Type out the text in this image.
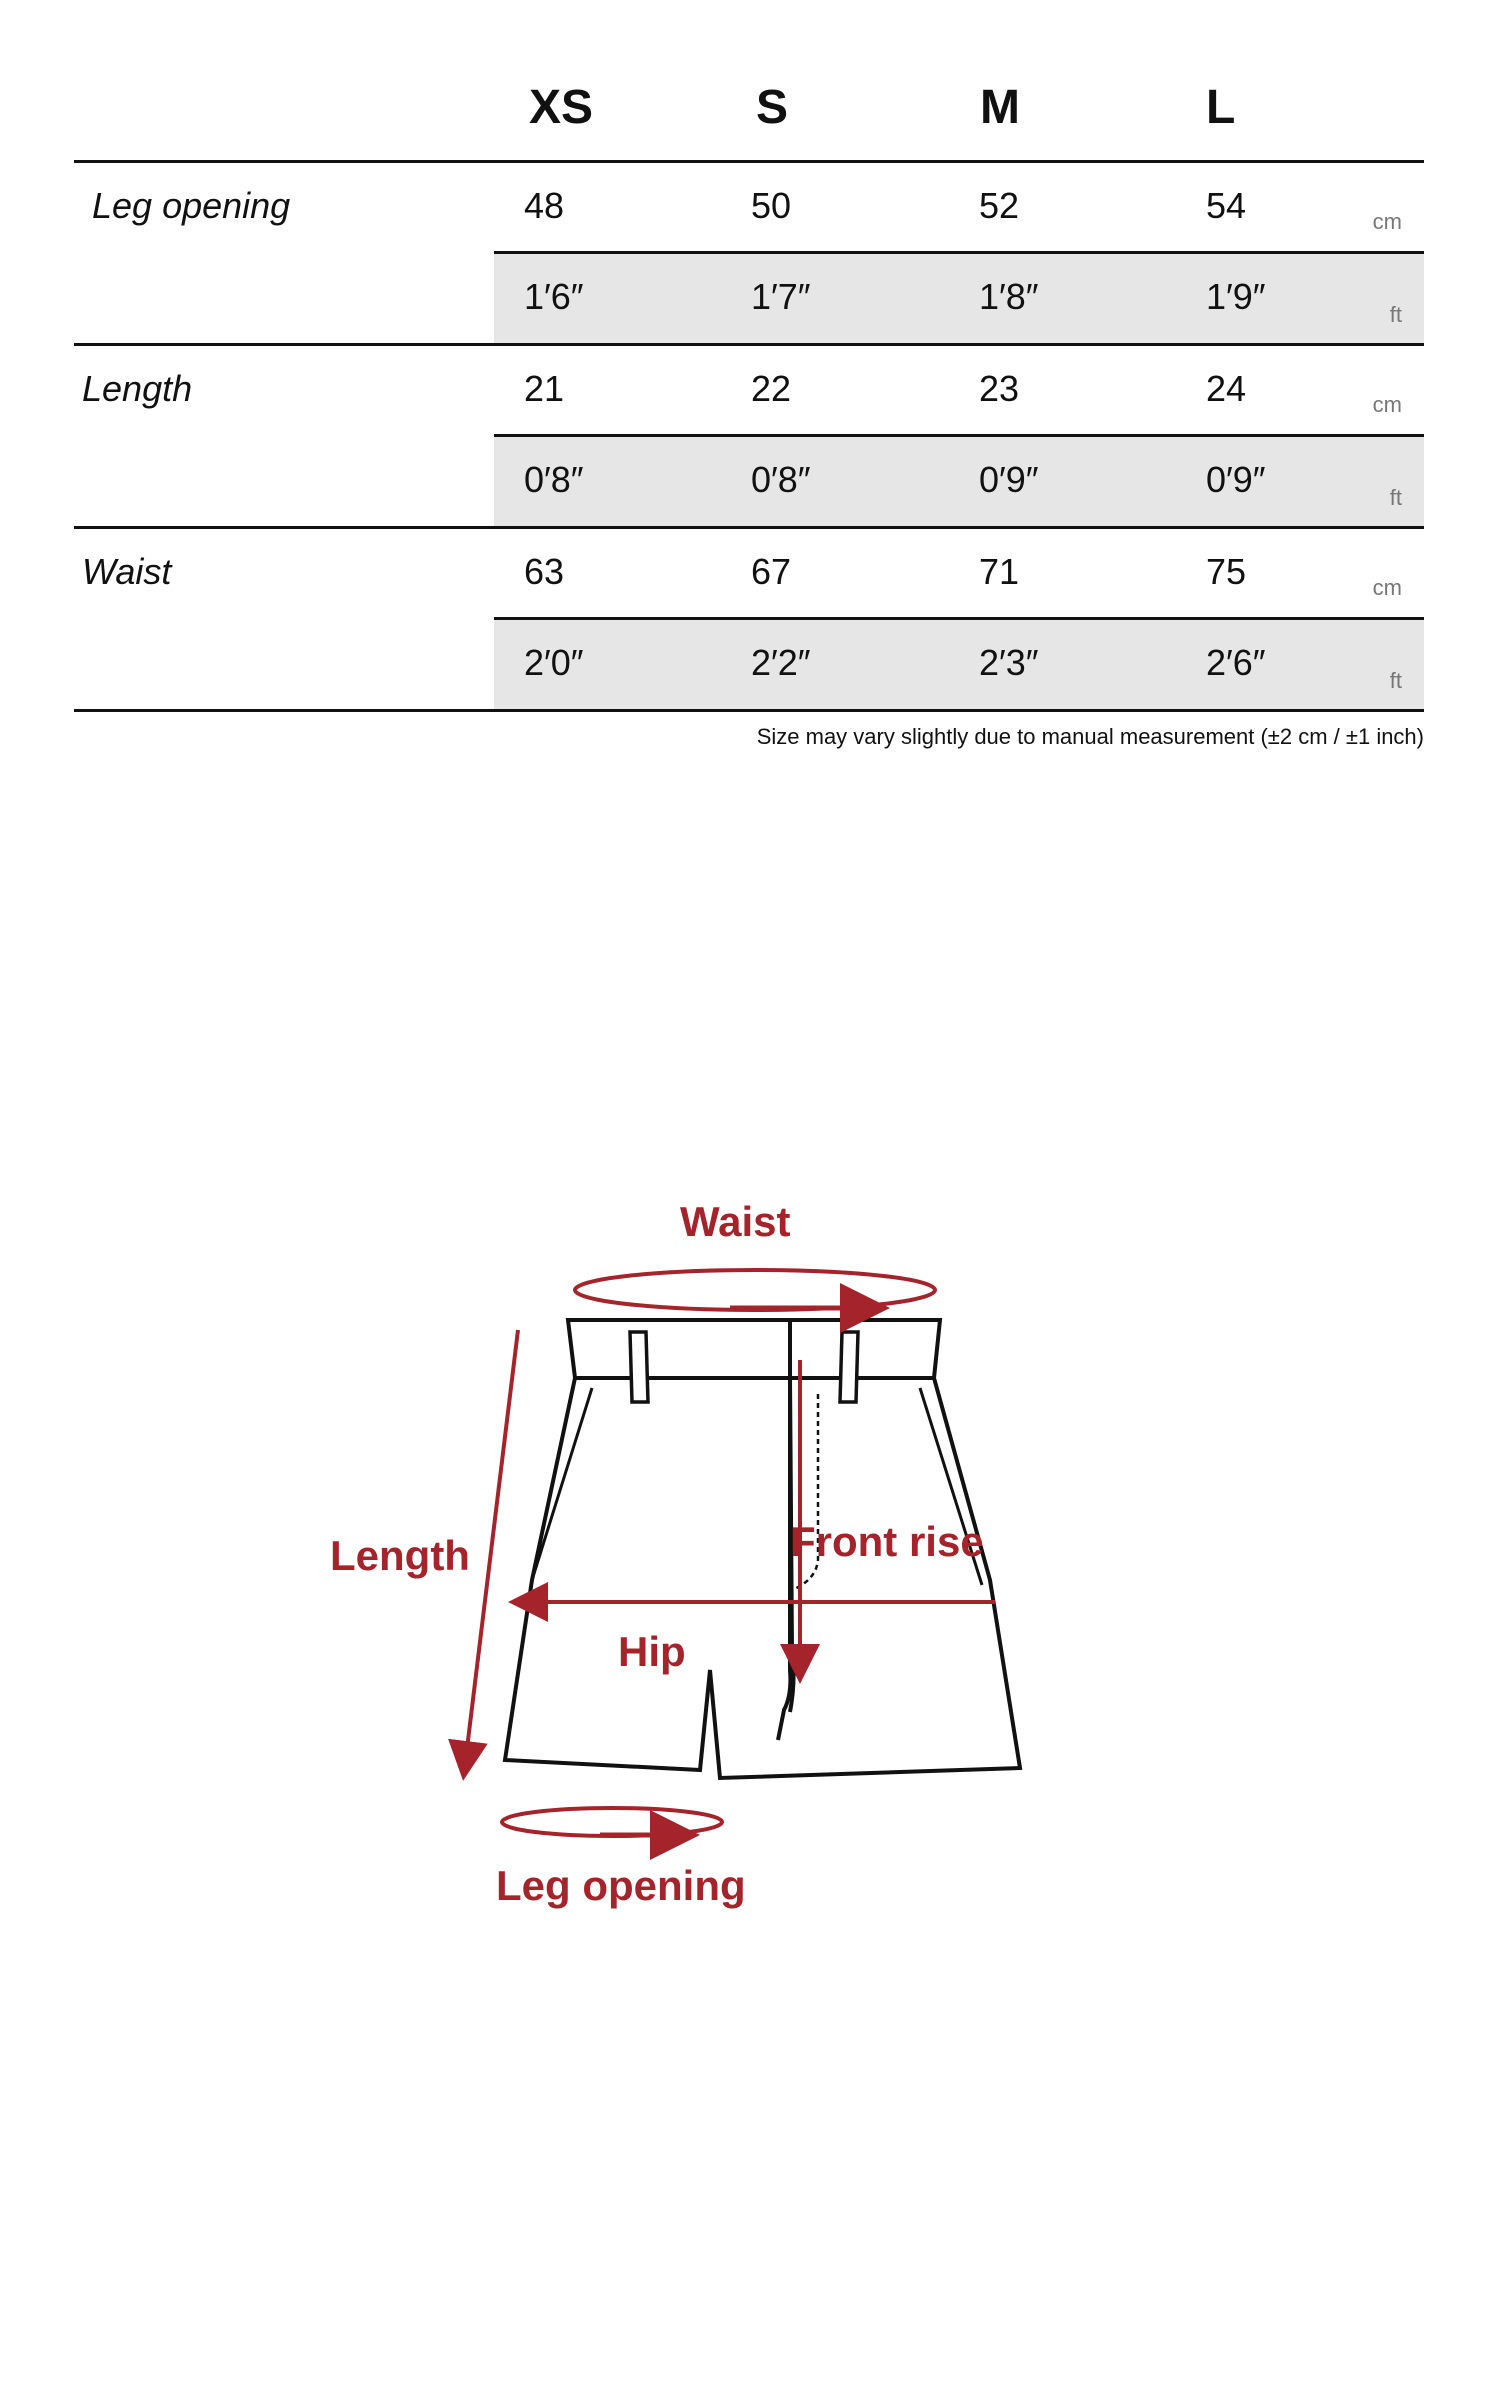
XS	S	M	L
Leg opening	48	50	52	54	cm
1′6″	1′7″	1′8″	1′9″	ft
Length	21	22	23	24	cm
0′8″	0′8″	0′9″	0′9″	ft
Waist	63	67	71	75	cm
2′0″	2′2″	2′3″	2′6″	ft
Size may vary slightly due to manual measurement (±2 cm / ±1 inch)
Waist
Length	Front rise
Hip
Leg opening
